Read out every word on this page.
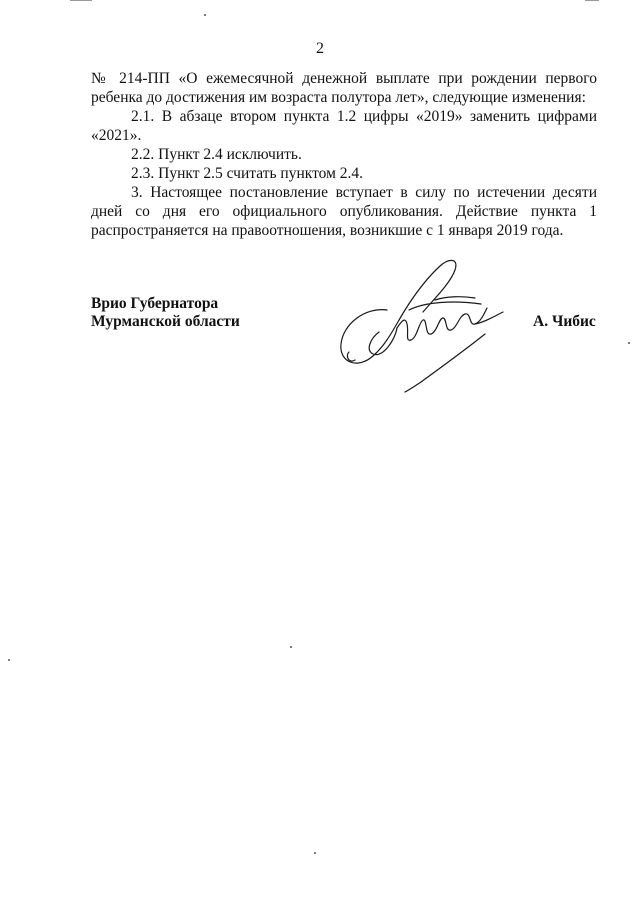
2

№ 214-ПП «О ежемесячной денежной выплате при рождении первого ребенка до достижения им возраста полутора лет», следующие изменения:

2.1. В абзаце втором пункта 1.2 цифры «2019» заменить цифрами «2021».

2.2. Пункт 2.4 исключить.

2.3. Пункт 2.5 считать пунктом 2.4.

3. Настоящее постановление вступает в силу по истечении десяти дней со дня его официального опубликования. Действие пункта 1 распространяется на правоотношения, возникшие с 1 января 2019 года.

Врио Губернатора
Мурманской области	А. Чибис
